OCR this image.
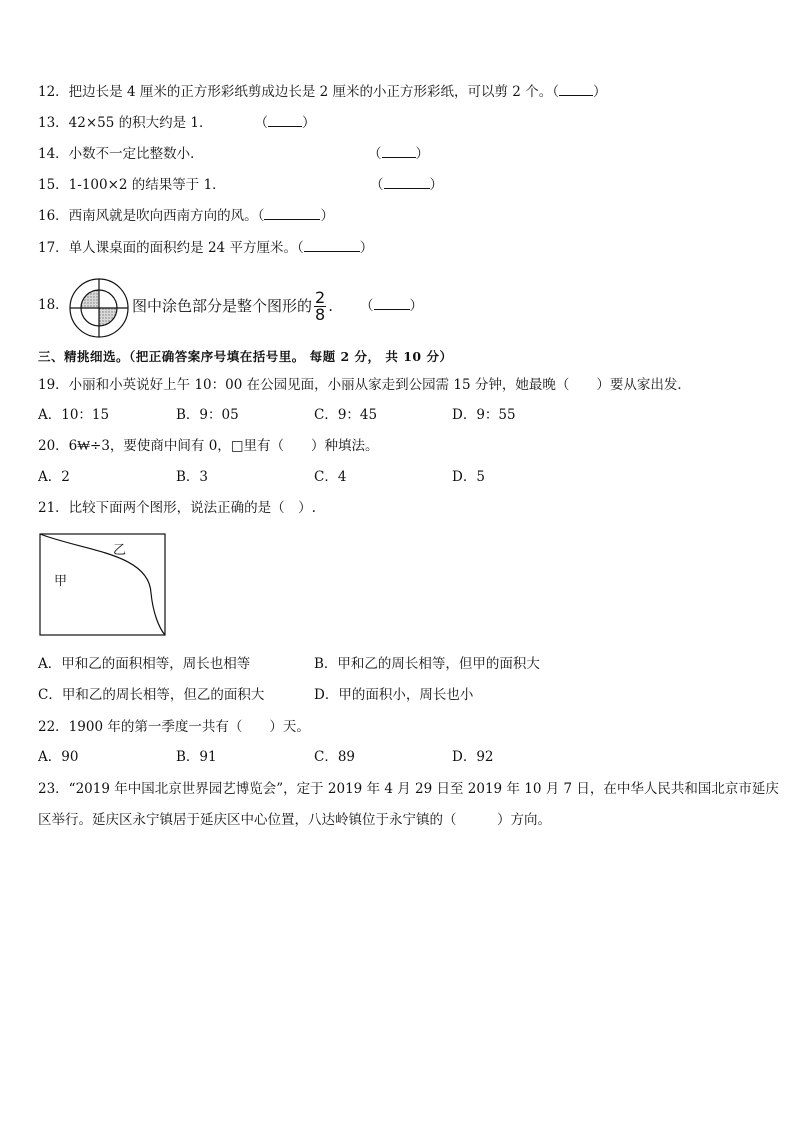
12．把边长是 4 厘米的正方形彩纸剪成边长是 2 厘米的小正方形彩纸，可以剪 2 个。（	）
13．42×55 的积大约是 1．	（	）
14．小数不一定比整数小．	（	）
15．1-100×2 的结果等于 1．	（	）
16．西南风就是吹向西南方向的风。（	）
17．单人课桌面的面积约是 24 平方厘米。（	）
18．	图中涂色部分是整个图形的 $\frac{2}{8}$ . （	）
三、精挑细选。（把正确答案序号填在括号里。 每题 2 分， 共 10 分）
19．小丽和小英说好上午 10：00 在公园见面，小丽从家走到公园需 15 分钟，她最晚（　　）要从家出发．
A．10：15	B．9：05	C．9：45	D．9：55
20．6₩÷3，要使商中间有 0，□里有（　　）种填法。
A．2	B．3	C．4	D．5
21．比较下面两个图形，说法正确的是（　）.
乙
甲
A．甲和乙的面积相等，周长也相等	B．甲和乙的周长相等，但甲的面积大
C．甲和乙的周长相等，但乙的面积大	D．甲的面积小，周长也小
22．1900 年的第一季度一共有（　　）天。
A．90	B．91	C．89	D．92
23．“2019 年中国北京世界园艺博览会”，定于 2019 年 4 月 29 日至 2019 年 10 月 7 日，在中华人民共和国北京市延庆
区举行。延庆区永宁镇居于延庆区中心位置，八达岭镇位于永宁镇的（　　　）方向。
